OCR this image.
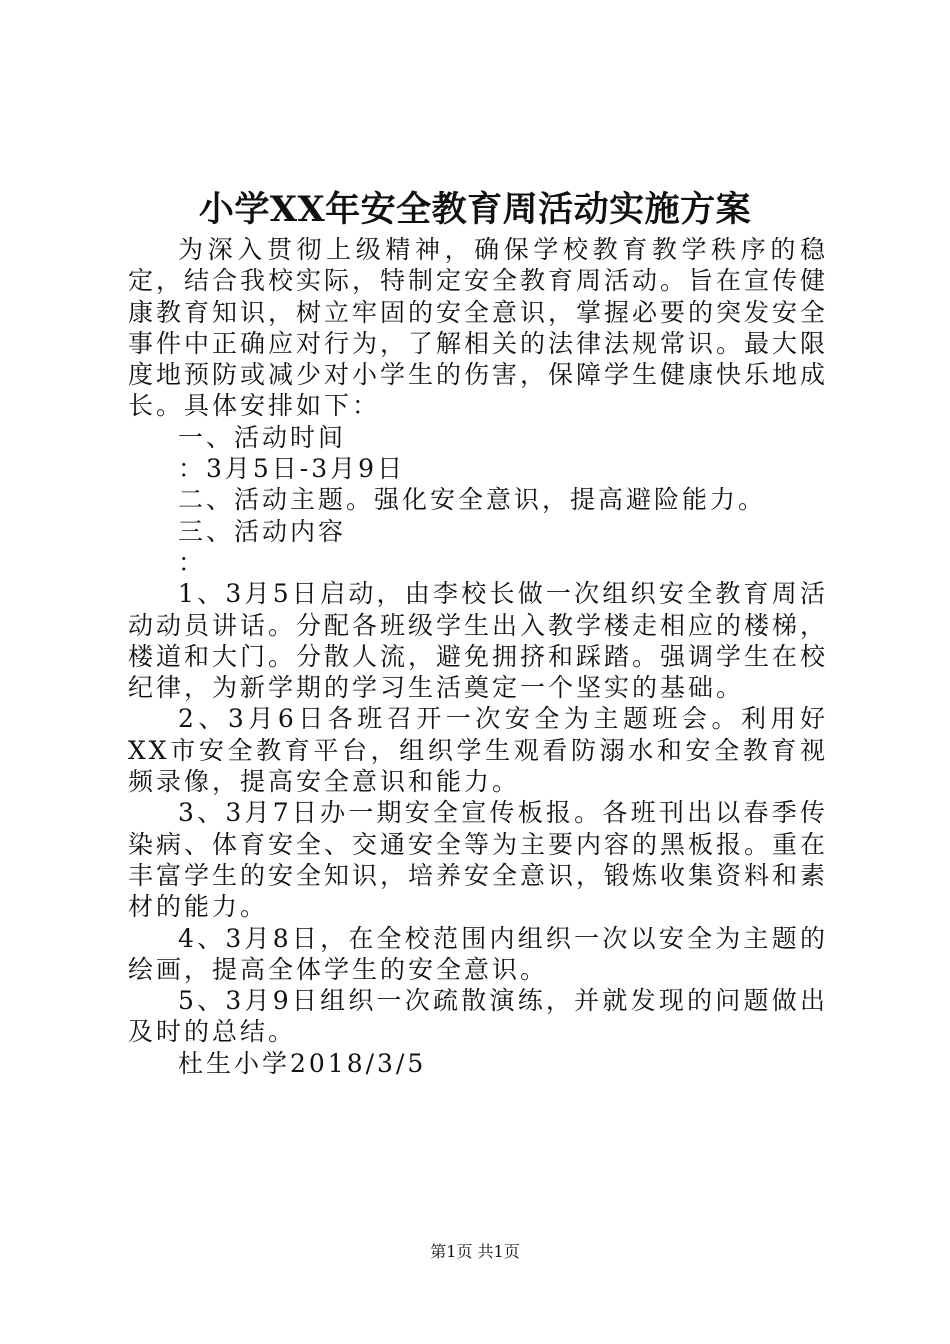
小学XX年安全教育周活动实施方案

为深入贯彻上级精神，确保学校教育教学秩序的稳定，结合我校实际，特制定安全教育周活动。旨在宣传健康教育知识，树立牢固的安全意识，掌握必要的突发安全事件中正确应对行为，了解相关的法律法规常识。最大限度地预防或减少对小学生的伤害，保障学生健康快乐地成长。具体安排如下：

一、活动时间

：3月5日-3月9日

二、活动主题。强化安全意识，提高避险能力。

三、活动内容

：

1、3月5日启动，由李校长做一次组织安全教育周活动动员讲话。分配各班级学生出入教学楼走相应的楼梯，楼道和大门。分散人流，避免拥挤和踩踏。强调学生在校纪律，为新学期的学习生活奠定一个坚实的基础。

2、3月6日各班召开一次安全为主题班会。利用好XX市安全教育平台，组织学生观看防溺水和安全教育视频录像，提高安全意识和能力。

3、3月7日办一期安全宣传板报。各班刊出以春季传染病、体育安全、交通安全等为主要内容的黑板报。重在丰富学生的安全知识，培养安全意识，锻炼收集资料和素材的能力。

4、3月8日，在全校范围内组织一次以安全为主题的绘画，提高全体学生的安全意识。

5、3月9日组织一次疏散演练，并就发现的问题做出及时的总结。

杜生小学2018/3/5

第1页 共1页
